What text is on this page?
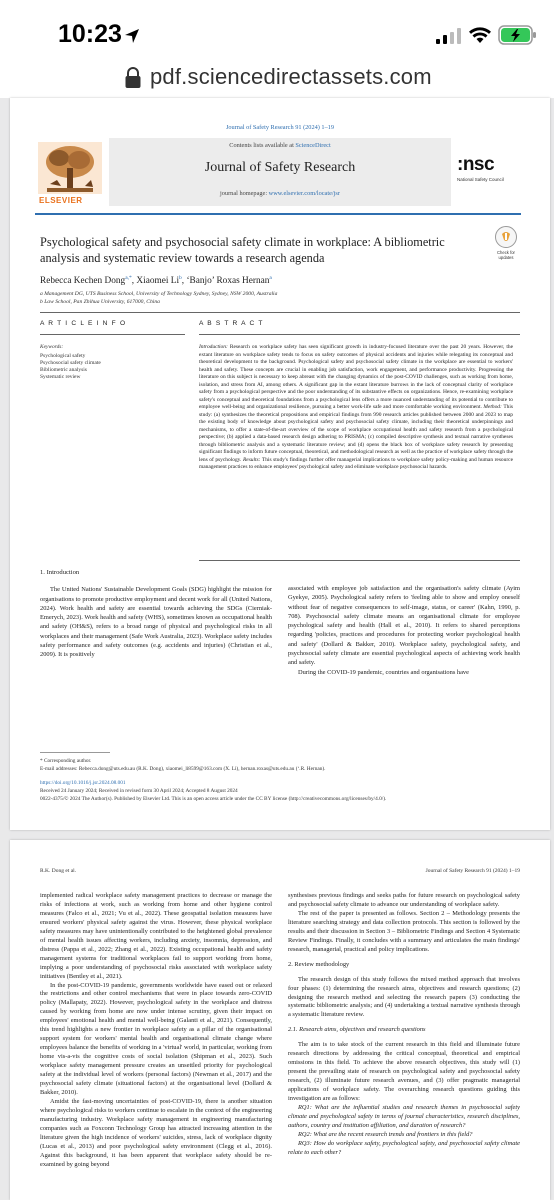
10:23
pdf.sciencedirectassets.com
Journal of Safety Research 91 (2024) 1–19
ELSEVIER
Contents lists available at ScienceDirect
Journal of Safety Research
journal homepage: www.elsevier.com/locate/jsr
:nsc
National Safety Council
Check for updates
Psychological safety and psychosocial safety climate in workplace: A bibliometric analysis and systematic review towards a research agenda
Rebecca Kechen Dong$^{a,*}$, Xiaomei Li$^b$, ‘Banjo’ Roxas Hernan$^a$
a Management DG, UTS Business School, University of Technology Sydney, Sydney, NSW 2000, Australia
b Law School, Pan Zhihua University, 617000, China
A R T I C L E I N F O	A B S T R A C T
Keywords:
Psychological safety
Psychosocial safety climate
Bibliometric analysis
Systematic review
Introduction: Research on workplace safety has seen significant growth in industry-focused literature over the past 20 years. However, the extant literature on workplace safety tends to focus on safety outcomes of physical accidents and injuries while relegating its conceptual and theoretical development to the background. Psychological safety and psychosocial safety climate in the workplace are essential to workers' health and safety. These concepts are crucial in enabling job satisfaction, work engagement, and performance productivity. Progressing the literature on this subject is necessary to keep abreast with the changing dynamics of the post-COVID challenges, such as working from home, isolation, and stress from AI, among others. A significant gap in the extant literature burrows in the lack of conceptual clarity of workplace safety from a psychological perspective and the poor understanding of its substantive effects on organizations. Hence, re-examining workplace safety's conceptual and theoretical foundations from a psychological lens offers a more nuanced understanding of its potential to contribute to employee well-being and organizational resilience, pursuing a better work-life safe and more comfortable working environment. Method: This study: (a) synthesizes the theoretical propositions and empirical findings from 990 research articles published between 2000 and 2023 to map the existing body of knowledge about psychological safety and psychosocial safety climate, including their theoretical underpinnings and mechanisms, to offer a state-of-the-art overview of the scope of workplace occupational health and safety research from a psychological perspective; (b) applied a data-based research design adhering to PRISMA; (c) compiled descriptive synthesis and textual narrative syntheses through bibliometric analysis and a systematic literature review; and (d) opens the black box of workplace safety research by presenting significant findings to inform future conceptual, theoretical, and methodological research as well as the practice of workplace safety through the lens of psychology. Results: This study's findings further offer managerial implications to workplace safety policy-making and human resource management practices to enhance employees' psychological safety and eliminate workplace psychosocial hazards.
1. Introduction

The United Nations' Sustainable Development Goals (SDG) highlight the mission for organisations to promote productive employment and decent work for all (United Nations, 2024). Work health and safety are essential towards achieving the SDGs (Cierniak-Emerych, 2023). Work health and safety (WHS), sometimes known as occupational health and safety (OH&S), refers to a broad range of physical and psychological risks in all workplaces and their management (Safe Work Australia, 2023). Workplace safety includes safety performance and safety outcomes (e.g. accidents and injuries) (Christian et al., 2009). It is positively

associated with employee job satisfaction and the organisation's safety climate (Ayim Gyekye, 2005). Psychological safety refers to 'feeling able to show and employ oneself without fear of negative consequences to self-image, status, or career' (Kahn, 1990, p. 708). Psychosocial safety climate means an organisational climate for employee psychological safety and health (Hall et al., 2010). It refers to shared perceptions regarding 'policies, practices and procedures for protecting worker psychological health and safety' (Dollard & Bakker, 2010). Workplace safety, psychological safety, and psychosocial safety climate are essential psychological aspects of achieving work health and safety.

During the COVID-19 pandemic, countries and organisations have

* Corresponding author.
E-mail addresses: Rebecca.dong@uts.edu.au (R.K. Dong), xiaomei_li8599@163.com (X. Li), hernan.roxas@uts.edu.au (‘.R. Hernan).
https://doi.org/10.1016/j.jsr.2024.08.001
Received 24 January 2024; Received in revised form 30 April 2024; Accepted 8 August 2024
0022-4375/© 2024 The Author(s). Published by Elsevier Ltd. This is an open access article under the CC BY license (http://creativecommons.org/licenses/by/4.0/).
R.K. Dong et al.	Journal of Safety Research 91 (2024) 1–19

implemented radical workplace safety management practices to decrease or manage the risks of infections at work, such as working from home and other hygiene control measures (Falco et al., 2021; Vu et al., 2022). These geospatial isolation measures have ensured workers' physical safety against the virus. However, these physical workplace safety measures may have unintentionally contributed to the heightened global prevalence of mental health issues affecting workers, including anxiety, insomnia, depression, and distress (Pappa et al., 2022; Zhang et al., 2022). Existing occupational health and safety management systems for traditional workplaces fail to support working from home, implying a poor understanding of psychosocial risks associated with workplace safety initiatives (Bentley et al., 2021).

In the post-COVID-19 pandemic, governments worldwide have eased out or relaxed the restrictions and other control mechanisms that were in place towards zero-COVID policy (Mallapaty, 2022). However, psychological safety in the workplace and distress caused by working from home are now under intense scrutiny, given their impact on employees' emotional health and mental well-being (Galanti et al., 2021). Consequently, this trend highlights a new frontier in workplace safety as a pillar of the organisational support system for workers' mental health and organisational climate change where employees balance the benefits of working in a 'virtual' world, in particular, working from home vis-a-vis the cognitive costs of social isolation (Shipman et al., 2023). Such workplace safety management pressure creates an unsettled priority for psychological safety at the individual level of workers (personal factors) (Newman et al., 2017) and the psychosocial safety climate (situational factors) at the organisational level (Dollard & Bakker, 2010).

Amidst the fast-moving uncertainties of post-COVID-19, there is another situation where psychological risks to workers continue to escalate in the context of the engineering manufacturing industry. Workplace safety management in engineering manufacturing companies such as Foxconn Technology Group has attracted increasing attention in the literature given the high incidence of workers' suicides, stress, lack of workplace dignity (Lucas et al., 2013) and poor psychological safety environment (Clegg et al., 2016). Against this background, it has been apparent that workplace safety should be re-examined by going beyond

synthesises previous findings and seeks paths for future research on psychological safety and psychosocial safety climate to advance our understanding of workplace safety.

The rest of the paper is presented as follows. Section 2 – Methodology presents the literature searching strategy and data collection protocols. This section is followed by the results and their discussion in Section 3 – Bibliometric Findings and Section 4 Systematic Review Findings. Finally, it concludes with a summary and articulates the main findings' research, managerial, practical and policy implications.

2. Review methodology

The research design of this study follows the mixed method approach that involves four phases: (1) determining the research aims, objectives and research questions; (2) designing the research method and selecting the research papers (3) conducting the systematic bibliometric analysis; and (4) undertaking a textual narrative synthesis through a systematic literature review.

2.1. Research aims, objectives and research questions

The aim is to take stock of the current research in this field and illuminate future research directions by addressing the critical conceptual, theoretical and empirical omissions in this field. To achieve the above research objectives, this study will (1) present the prevailing state of research on psychological safety and psychosocial safety research, (2) illuminate future research avenues, and (3) offer pragmatic managerial applications of workplace safety. The overarching research questions guiding this investigation are as follows:

RQ1: What are the influential studies and research themes in psychosocial safety climate and psychological safety in terms of journal characteristics, research disciplines, authors, country and institution affiliation, and duration of research?

RQ2: What are the recent research trends and frontiers in this field?

RQ3: How do workplace safety, psychological safety, and psychosocial safety climate relate to each other?
